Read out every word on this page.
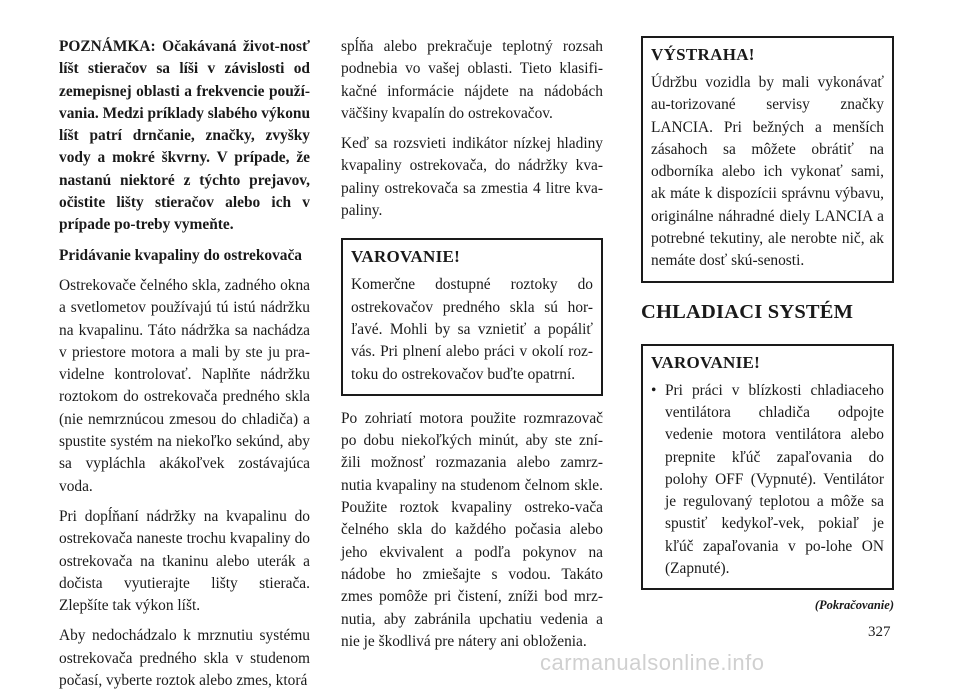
POZNÁMKA: Očakávaná život-nosť líšt stieračov sa líši v závislosti od zemepisnej oblasti a frekvencie použí-vania. Medzi príklady slabého výkonu líšt patrí drnčanie, značky, zvyšky vody a mokré škvrny. V prípade, že nastanú niektoré z týchto prejavov, očistite lišty stieračov alebo ich v prípade po-treby vymeňte.

Pridávanie kvapaliny do ostrekovača

Ostrekovače čelného skla, zadného okna a svetlometov používajú tú istú nádržku na kvapalinu. Táto nádržka sa nachádza v priestore motora a mali by ste ju pra-videlne kontrolovať. Naplňte nádržku roztokom do ostrekovača predného skla (nie nemrznúcou zmesou do chladiča) a spustite systém na niekoľko sekúnd, aby sa vypláchla akákoľvek zostávajúca voda.

Pri dopĺňaní nádržky na kvapalinu do ostrekovača naneste trochu kvapaliny do ostrekovača na tkaninu alebo uterák a dočista vyutierajte lišty stierača. Zlepšíte tak výkon líšt.

Aby nedochádzalo k mrznutiu systému ostrekovača predného skla v studenom počasí, vyberte roztok alebo zmes, ktorá

spĺňa alebo prekračuje teplotný rozsah podnebia vo vašej oblasti. Tieto klasifi-kačné informácie nájdete na nádobách väčšiny kvapalín do ostrekovačov.

Keď sa rozsvieti indikátor nízkej hladiny kvapaliny ostrekovača, do nádržky kva-paliny ostrekovača sa zmestia 4 litre kva-paliny.

VAROVANIE!

Komerčne dostupné roztoky do ostrekovačov predného skla sú hor-ľavé. Mohli by sa vznietiť a popáliť vás. Pri plnení alebo práci v okolí roz-toku do ostrekovačov buďte opatrní.

Po zohriatí motora použite rozmrazovač po dobu niekoľkých minút, aby ste zní-žili možnosť rozmazania alebo zamrz-nutia kvapaliny na studenom čelnom skle. Použite roztok kvapaliny ostreko-vača čelného skla do každého počasia alebo jeho ekvivalent a podľa pokynov na nádobe ho zmiešajte s vodou. Takáto zmes pomôže pri čistení, zníži bod mrz-nutia, aby zabránila upchatiu vedenia a nie je škodlivá pre nátery ani obloženia.

VÝSTRAHA!

Údržbu vozidla by mali vykonávať au-torizované servisy značky LANCIA. Pri bežných a menších zásahoch sa môžete obrátiť na odborníka alebo ich vykonať sami, ak máte k dispozícii správnu výbavu, originálne náhradné diely LANCIA a potrebné tekutiny, ale nerobte nič, ak nemáte dosť skú-senosti.

CHLADIACI SYSTÉM
VAROVANIE!
• Pri práci v blízkosti chladiaceho ventilátora chladiča odpojte vedenie motora ventilátora alebo prepnite kľúč zapaľovania do polohy OFF (Vypnuté). Ventilátor je regulovaný teplotou a môže sa spustiť kedykoľ-vek, pokiaľ je kľúč zapaľovania v po-lohe ON (Zapnuté).
(Pokračovanie)
327
carmanualsonline.info
